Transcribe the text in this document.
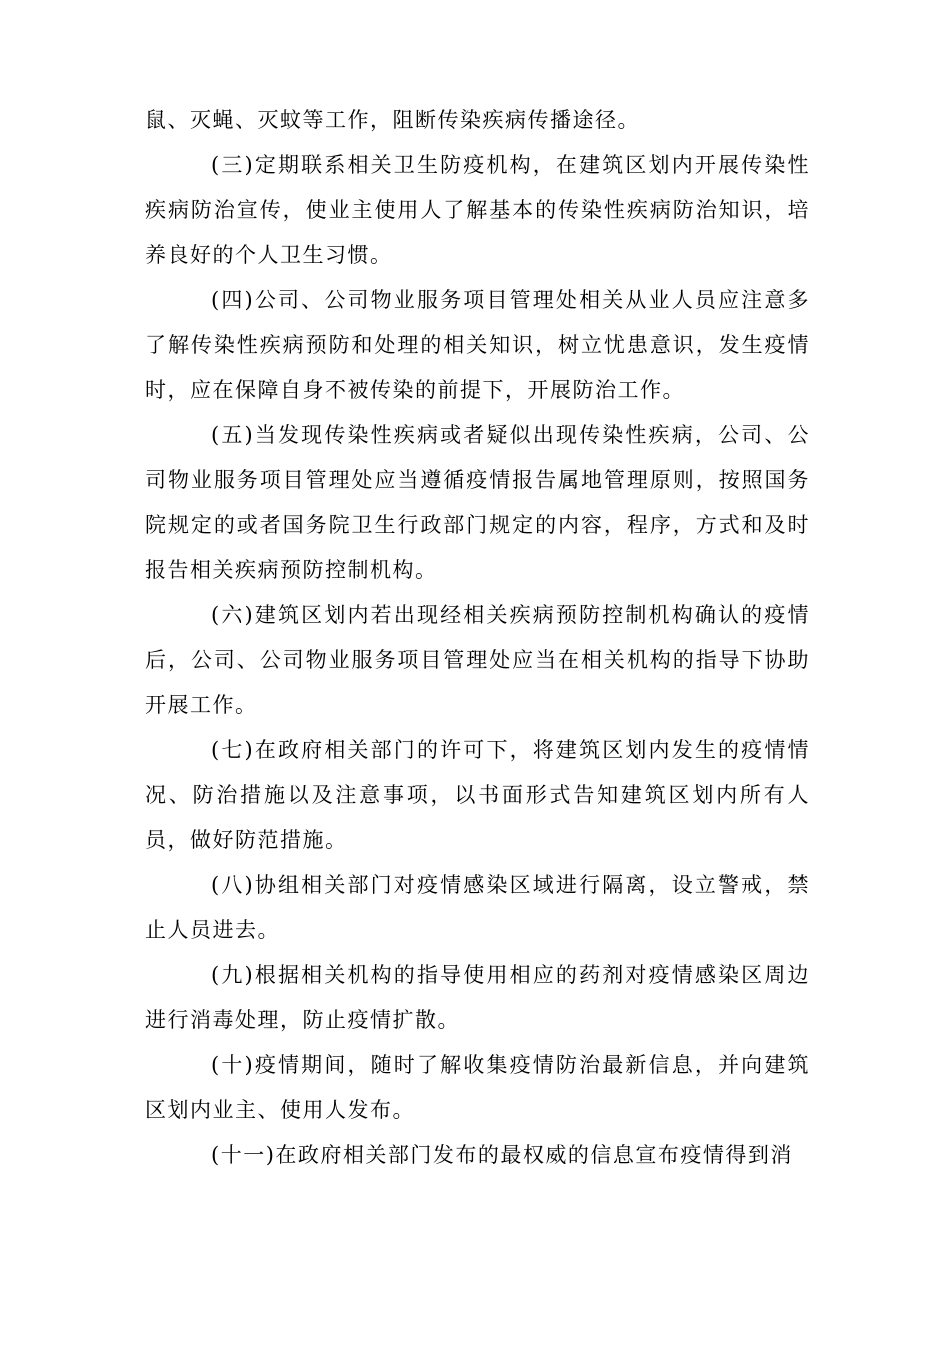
鼠、灭蝇、灭蚊等工作，阻断传染疾病传播途径。

(三)定期联系相关卫生防疫机构，在建筑区划内开展传染性疾病防治宣传，使业主使用人了解基本的传染性疾病防治知识，培养良好的个人卫生习惯。

(四)公司、公司物业服务项目管理处相关从业人员应注意多了解传染性疾病预防和处理的相关知识，树立忧患意识，发生疫情时，应在保障自身不被传染的前提下，开展防治工作。

(五)当发现传染性疾病或者疑似出现传染性疾病，公司、公司物业服务项目管理处应当遵循疫情报告属地管理原则，按照国务院规定的或者国务院卫生行政部门规定的内容，程序，方式和及时报告相关疾病预防控制机构。

(六)建筑区划内若出现经相关疾病预防控制机构确认的疫情后，公司、公司物业服务项目管理处应当在相关机构的指导下协助开展工作。

(七)在政府相关部门的许可下，将建筑区划内发生的疫情情况、防治措施以及注意事项，以书面形式告知建筑区划内所有人员，做好防范措施。

(八)协组相关部门对疫情感染区域进行隔离，设立警戒，禁止人员进去。

(九)根据相关机构的指导使用相应的药剂对疫情感染区周边进行消毒处理，防止疫情扩散。

(十)疫情期间，随时了解收集疫情防治最新信息，并向建筑区划内业主、使用人发布。

(十一)在政府相关部门发布的最权威的信息宣布疫情得到消
